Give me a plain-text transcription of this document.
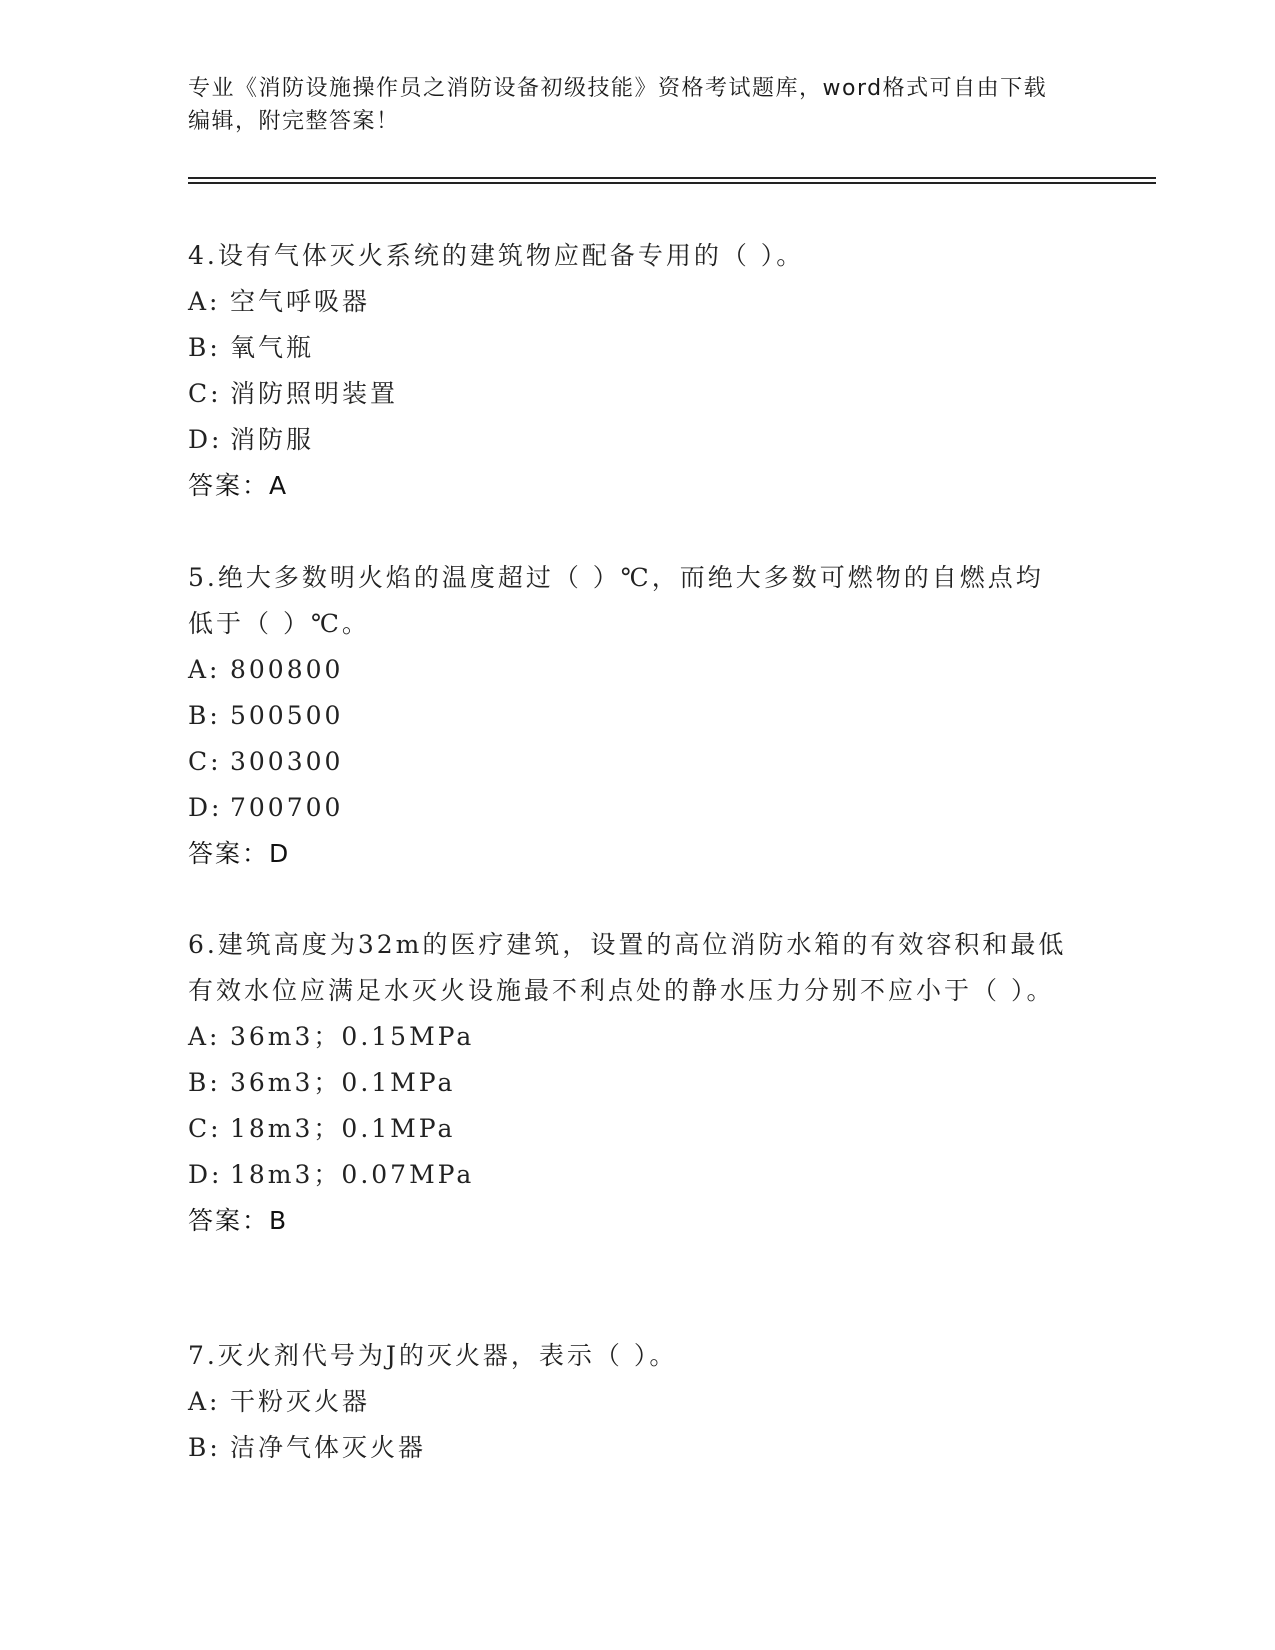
专业《消防设施操作员之消防设备初级技能》资格考试题库，word格式可自由下载编辑，附完整答案！

4.设有气体灭火系统的建筑物应配备专用的（ ）。

A: 空气呼吸器
B: 氧气瓶
C: 消防照明装置
D: 消防服
答案：A

5.绝大多数明火焰的温度超过（ ）℃，而绝大多数可燃物的自燃点均低于（ ）℃。

A: 800800
B: 500500
C: 300300
D: 700700
答案：D

6.建筑高度为32m的医疗建筑，设置的高位消防水箱的有效容积和最低有效水位应满足水灭火设施最不利点处的静水压力分别不应小于（ ）。

A: 36m3；0.15MPa
B: 36m3；0.1MPa
C: 18m3；0.1MPa
D: 18m3；0.07MPa
答案：B

7.灭火剂代号为J的灭火器，表示（ ）。

A: 干粉灭火器
B: 洁净气体灭火器
